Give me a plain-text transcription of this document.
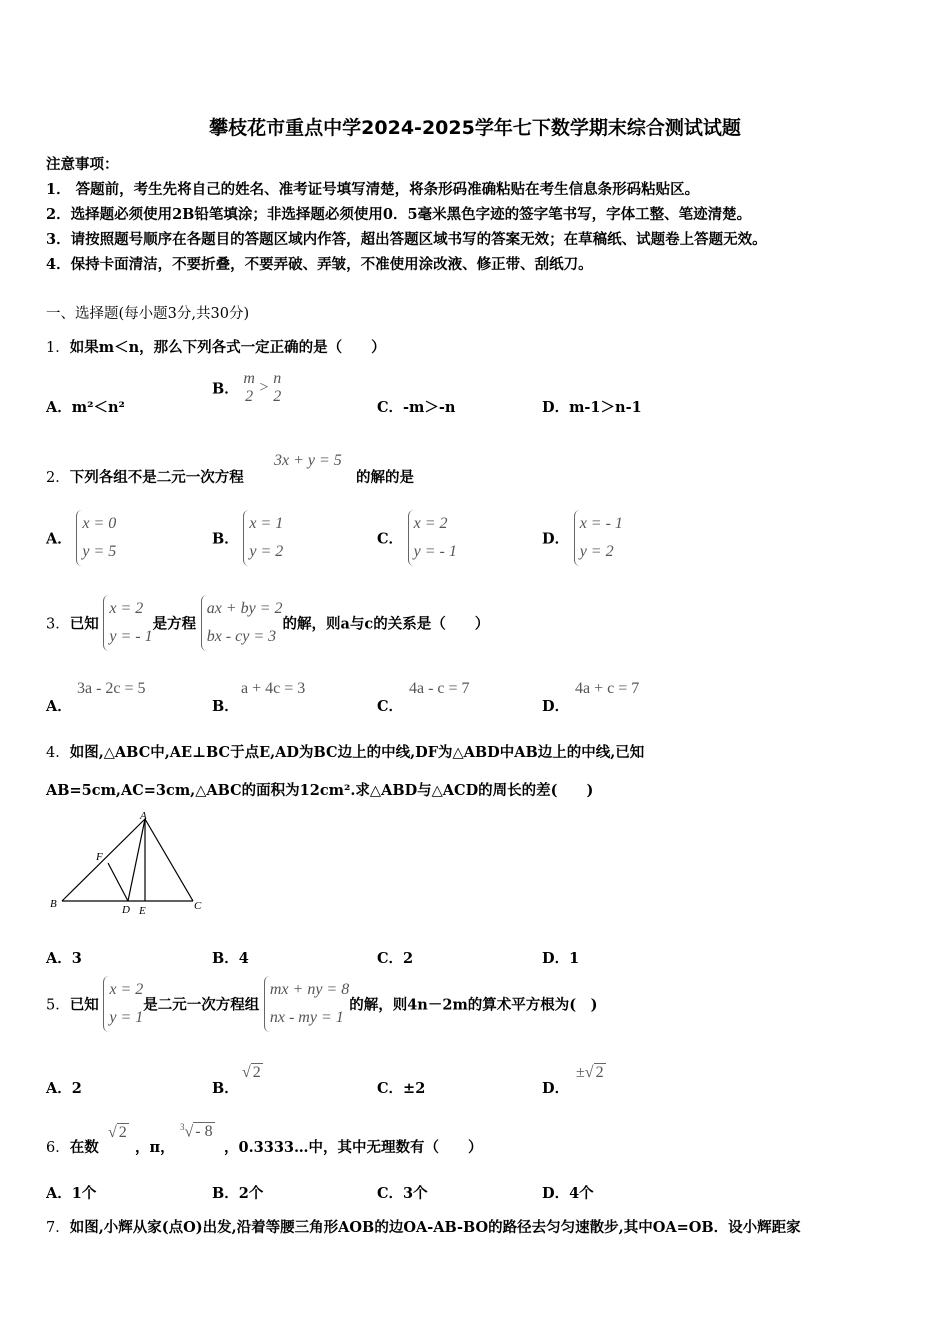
攀枝花市重点中学2024-2025学年七下数学期末综合测试试题
注意事项：
1． 答题前，考生先将自己的姓名、准考证号填写清楚，将条形码准确粘贴在考生信息条形码粘贴区。
2．选择题必须使用2B铅笔填涂；非选择题必须使用0．5毫米黑色字迹的签字笔书写，字体工整、笔迹清楚。
3．请按照题号顺序在各题目的答题区域内作答，超出答题区域书写的答案无效；在草稿纸、试题卷上答题无效。
4．保持卡面清洁，不要折叠，不要弄破、弄皱，不准使用涂改液、修正带、刮纸刀。
一、选择题(每小题3分,共30分)
1．如果m＜n，那么下列各式一定正确的是（　　）
A．m²＜n²
B． m
2 > n
2
C．-m＞-n	D．m-1＞n-1
2．下列各组不是二元一次方程
3x + y = 5
的解的是
A． x = 0
y = 5
B． x = 1
y = 2
C． x = 2
y = - 1
D． x = - 1
y = 2
3．已知 x = 2
y = - 1是方程 ax + by = 2
bx - cy = 3的解，则a与c的关系是（　　）
A．
3a - 2c = 5
B．
a + 4c = 3
C．
4a - c = 7
D．
4a + c = 7
4．如图,△ABC中,AE⊥BC于点E,AD为BC边上的中线,DF为△ABD中AB边上的中线,已知
AB=5cm,AC=3cm,△ABC的面积为12cm².求△ABD与△ACD的周长的差(　　)
A
B	C
D E
F
A．3	B．4	C．2	D．1
5．已知 x = 2
y = 1是二元一次方程组 mx + ny = 8
nx - my = 1的解，则4n－2m的算术平方根为(　)
A．2	B．
√ 2
C．±2	D．
±√ 2
6．在数
√ 2
，π，
$^3$√ - 8
，0.3333…中，其中无理数有（　　）
A．1个	B．2个	C．3个	D．4个
7．如图,小辉从家(点O)出发,沿着等腰三角形AOB的边OA-AB-BO的路径去匀匀速散步,其中OA=OB．设小辉距家
